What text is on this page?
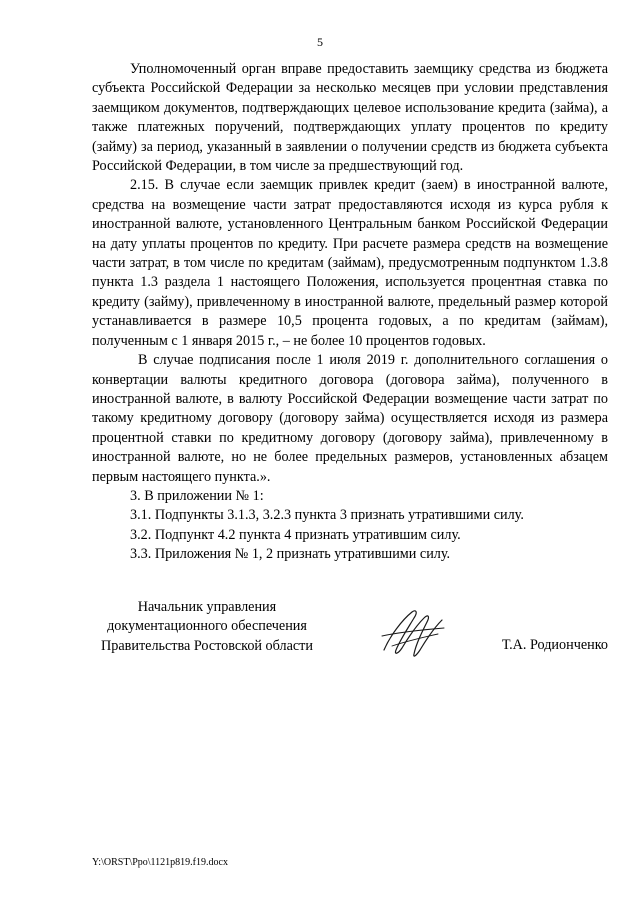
5

Уполномоченный орган вправе предоставить заемщику средства из бюджета субъекта Российской Федерации за несколько месяцев при условии представления заемщиком документов, подтверждающих целевое использование кредита (займа), а также платежных поручений, подтверждающих уплату процентов по кредиту (займу) за период, указанный в заявлении о получении средств из бюджета субъекта Российской Федерации, в том числе за предшествующий год.

2.15. В случае если заемщик привлек кредит (заем) в иностранной валюте, средства на возмещение части затрат предоставляются исходя из курса рубля к иностранной валюте, установленного Центральным банком Российской Федерации на дату уплаты процентов по кредиту. При расчете размера средств на возмещение части затрат, в том числе по кредитам (займам), предусмотренным подпунктом 1.3.8 пункта 1.3 раздела 1 настоящего Положения, используется процентная ставка по кредиту (займу), привлеченному в иностранной валюте, предельный размер которой устанавливается в размере 10,5 процента годовых, а по кредитам (займам), полученным с 1 января 2015 г., – не более 10 процентов годовых.

В случае подписания после 1 июля 2019 г. дополнительного соглашения о конвертации валюты кредитного договора (договора займа), полученного в иностранной валюте, в валюту Российской Федерации возмещение части затрат по такому кредитному договору (договору займа) осуществляется исходя из размера процентной ставки по кредитному договору (договору займа), привлеченному в иностранной валюте, но не более предельных размеров, установленных абзацем первым настоящего пункта.».

3. В приложении № 1:

3.1. Подпункты 3.1.3, 3.2.3 пункта 3 признать утратившими силу.

3.2. Подпункт 4.2 пункта 4 признать утратившим силу.

3.3. Приложения № 1, 2 признать утратившими силу.

Начальник управления
документационного обеспечения
Правительства Ростовской области	Т.А. Родионченко
Y:\ORST\Ppo\1121p819.f19.docx
